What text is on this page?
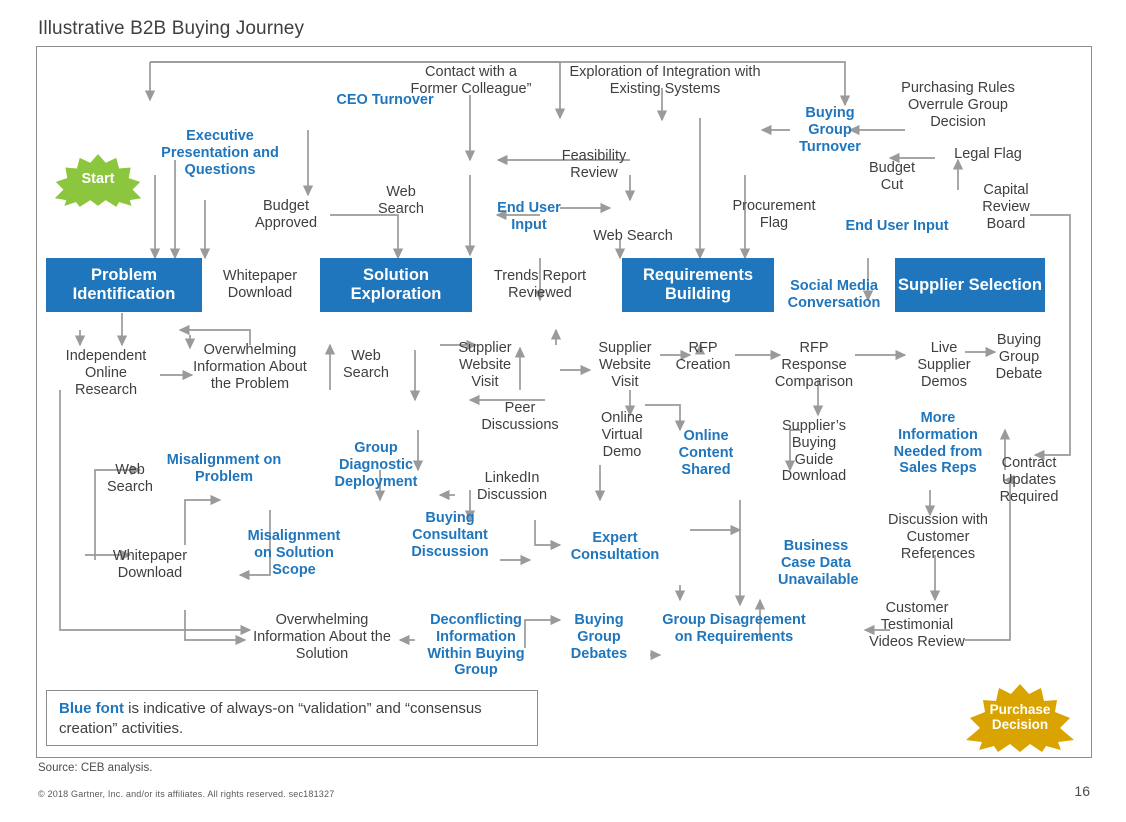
Illustrative B2B Buying Journey
Problem Identification
Solution Exploration
Requirements Building
Supplier Selection
Start
Purchase Decision
CEO Turnover
Executive Presentation and Questions
Contact with a Former Colleague”
Exploration of Integration with Existing Systems
Buying Group Turnover
Purchasing Rules Overrule Group Decision
Legal Flag
Budget Cut	Capital Review Board
Budget Approved
Web Search
Feasibility Review
End User Input
Web Search
Procurement Flag	End User Input
Whitepaper Download
Trends Report Reviewed	Social Media Conversation
Independent Online Research
Overwhelming Information About the Problem
Web Search
Supplier Website Visit
Supplier Website Visit
RFP Creation
RFP Response Comparison
Live Supplier Demos
Buying Group Debate
Peer Discussions	Online Virtual Demo
Online Content Shared
Supplier’s Buying Guide Download
More Information Needed from Sales Reps	Contract Updates Required
Web Search
Misalignment on Problem
Group Diagnostic Deployment	LinkedIn Discussion
Misalignment on Solution Scope
Buying Consultant Discussion
Expert Consultation
Business Case Data Unavailable
Discussion with Customer References
Whitepaper Download
Overwhelming Information About the Solution
Deconflicting Information Within Buying Group
Buying Group Debates
Group Disagreement on Requirements
Customer Testimonial Videos Review
Blue font is indicative of always-on “validation” and “consensus creation” activities.
Source: CEB analysis.
© 2018 Gartner, Inc. and/or its affiliates. All rights reserved. sec181327	16
